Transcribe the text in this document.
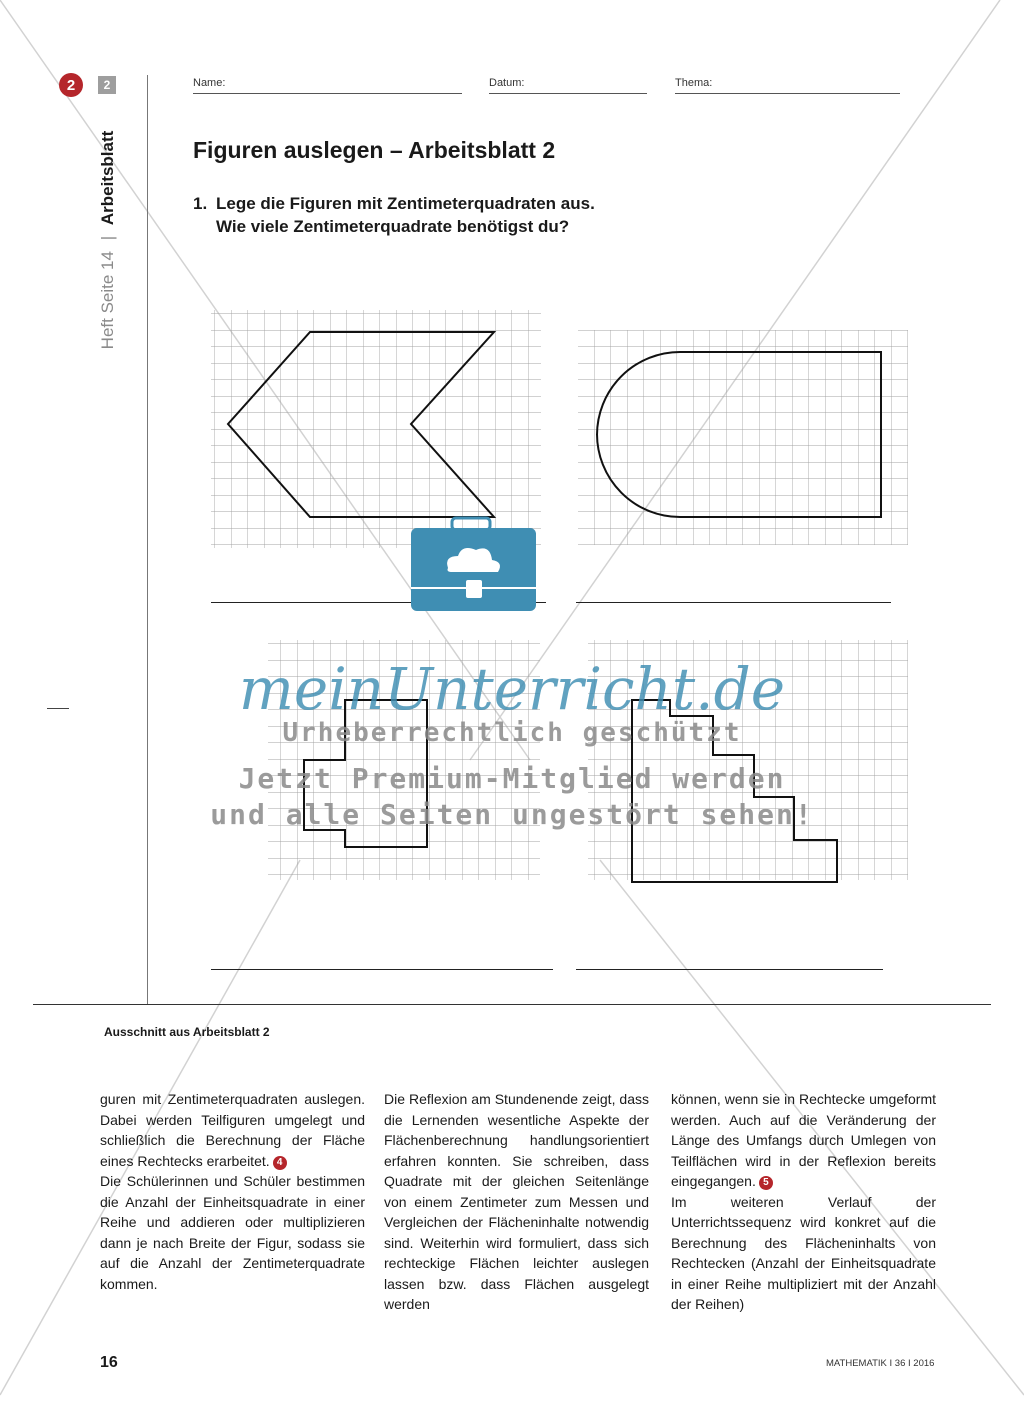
2	2
Heft Seite 14 | Arbeitsblatt
Name:	Datum:	Thema:
Figuren auslegen – Arbeitsblatt 2
1. Lege die Figuren mit Zentimeterquadraten aus.
Wie viele Zentimeterquadrate benötigst du?
Ausschnitt aus Arbeitsblatt 2
guren mit Zentimeterquadraten auslegen. Dabei werden Teilfiguren umgelegt und schließlich die Berechnung der Fläche eines Rechtecks erarbeitet. 4
Die Schülerinnen und Schüler bestimmen die Anzahl der Einheitsquadrate in einer Reihe und addieren oder multiplizieren dann je nach Breite der Figur, sodass sie auf die Anzahl der Zentimeterquadrate kommen.
Die Reflexion am Stundenende zeigt, dass die Lernenden wesentliche Aspekte der Flächenberechnung handlungsorientiert erfahren konnten. Sie schreiben, dass Quadrate mit der gleichen Seitenlänge von einem Zentimeter zum Messen und Vergleichen der Flächeninhalte notwendig sind. Weiterhin wird formuliert, dass sich rechteckige Flächen leichter auslegen lassen bzw. dass Flächen ausgelegt werden
können, wenn sie in Rechtecke umgeformt werden. Auch auf die Veränderung der Länge des Umfangs durch Umlegen von Teilflächen wird in der Reflexion bereits eingegangen. 5
Im weiteren Verlauf der Unterrichtssequenz wird konkret auf die Berechnung des Flächeninhalts von Rechtecken (Anzahl der Einheitsquadrate in einer Reihe multipliziert mit der Anzahl der Reihen)
16	MATHEMATIK I 36 I 2016
meinUnterricht.de
Urheberrechtlich geschützt
Jetzt Premium-Mitglied werden
und alle Seiten ungestört sehen!
